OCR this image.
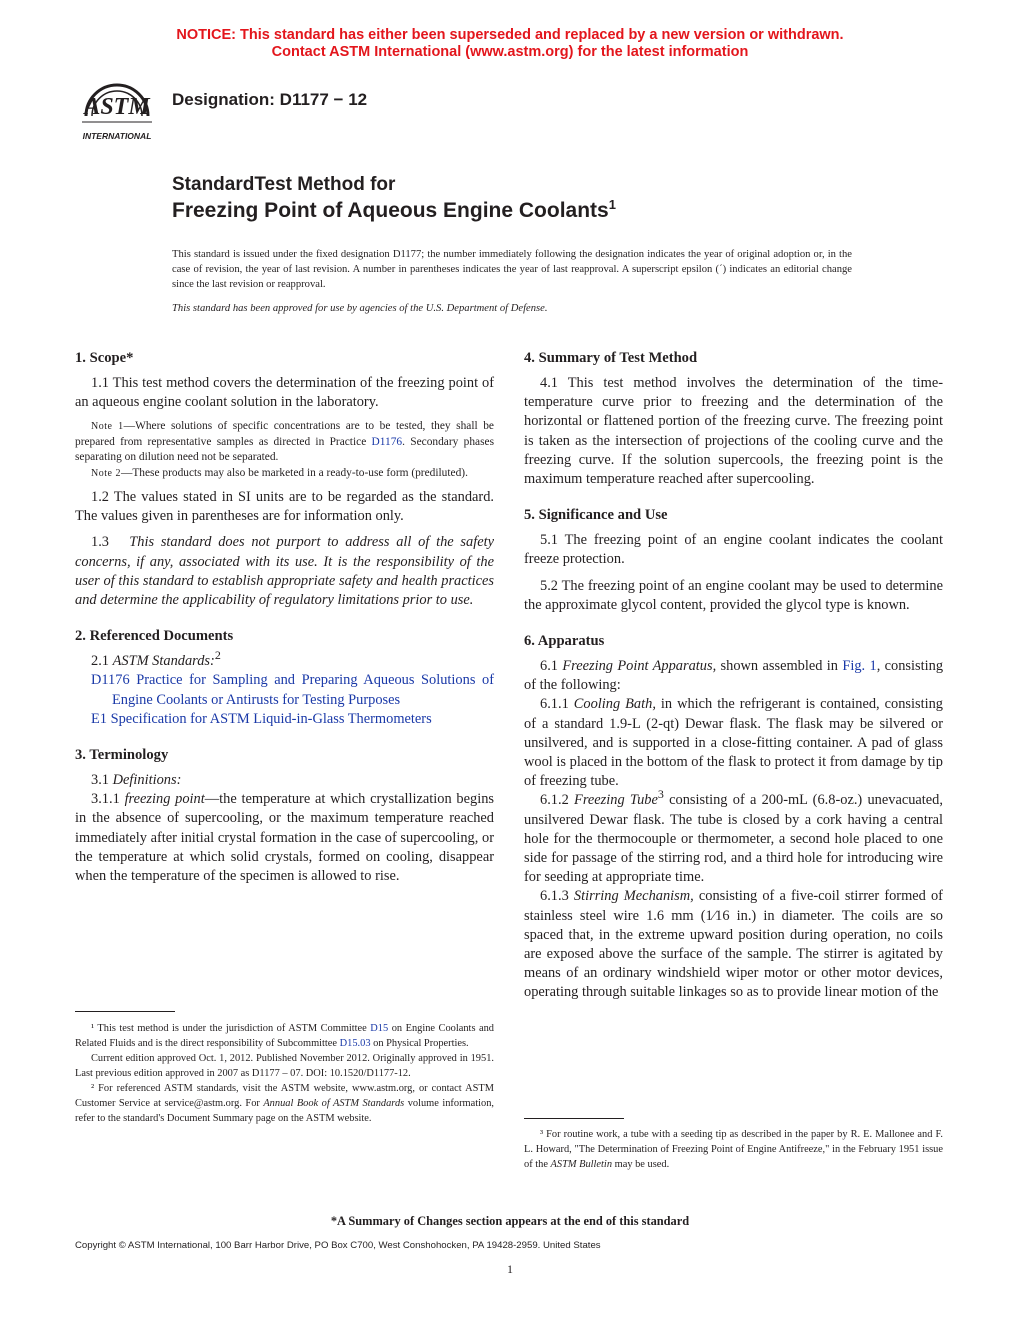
NOTICE: This standard has either been superseded and replaced by a new version or withdrawn.
Contact ASTM International (www.astm.org) for the latest information
ASTM
INTERNATIONAL
Designation: D1177 − 12
StandardTest Method for
Freezing Point of Aqueous Engine Coolants$^1$
This standard is issued under the fixed designation D1177; the number immediately following the designation indicates the year of original adoption or, in the case of revision, the year of last revision. A number in parentheses indicates the year of last reapproval. A superscript epsilon (´) indicates an editorial change since the last revision or reapproval.
This standard has been approved for use by agencies of the U.S. Department of Defense.
1. Scope*

1.1 This test method covers the determination of the freezing point of an aqueous engine coolant solution in the laboratory.

Note 1—Where solutions of specific concentrations are to be tested, they shall be prepared from representative samples as directed in Practice D1176. Secondary phases separating on dilution need not be separated.

Note 2—These products may also be marketed in a ready-to-use form (prediluted).

1.2 The values stated in SI units are to be regarded as the standard. The values given in parentheses are for information only.

1.3 This standard does not purport to address all of the safety concerns, if any, associated with its use. It is the responsibility of the user of this standard to establish appropriate safety and health practices and determine the applicability of regulatory limitations prior to use.

2. Referenced Documents

2.1 ASTM Standards:$^2$

D1176 Practice for Sampling and Preparing Aqueous Solutions of Engine Coolants or Antirusts for Testing Purposes

E1 Specification for ASTM Liquid-in-Glass Thermometers

3. Terminology

3.1 Definitions:

3.1.1 freezing point—the temperature at which crystallization begins in the absence of supercooling, or the maximum temperature reached immediately after initial crystal formation in the case of supercooling, or the temperature at which solid crystals, formed on cooling, disappear when the temperature of the specimen is allowed to rise.

4. Summary of Test Method

4.1 This test method involves the determination of the time-temperature curve prior to freezing and the determination of the horizontal or flattened portion of the freezing curve. The freezing point is taken as the intersection of projections of the cooling curve and the freezing curve. If the solution supercools, the freezing point is the maximum temperature reached after supercooling.

5. Significance and Use

5.1 The freezing point of an engine coolant indicates the coolant freeze protection.

5.2 The freezing point of an engine coolant may be used to determine the approximate glycol content, provided the glycol type is known.

6. Apparatus

6.1 Freezing Point Apparatus, shown assembled in Fig. 1, consisting of the following:

6.1.1 Cooling Bath, in which the refrigerant is contained, consisting of a standard 1.9-L (2-qt) Dewar flask. The flask may be silvered or unsilvered, and is supported in a close-fitting container. A pad of glass wool is placed in the bottom of the flask to protect it from damage by tip of freezing tube.

6.1.2 Freezing Tube$^3$ consisting of a 200-mL (6.8-oz.) unevacuated, unsilvered Dewar flask. The tube is closed by a cork having a central hole for the thermocouple or thermometer, a second hole placed to one side for passage of the stirring rod, and a third hole for introducing wire for seeding at appropriate time.

6.1.3 Stirring Mechanism, consisting of a five-coil stirrer formed of stainless steel wire 1.6 mm (1⁄16 in.) in diameter. The coils are so spaced that, in the extreme upward position during operation, no coils are exposed above the surface of the sample. The stirrer is agitated by means of an ordinary windshield wiper motor or other motor devices, operating through suitable linkages so as to provide linear motion of the

¹ This test method is under the jurisdiction of ASTM Committee D15 on Engine Coolants and Related Fluids and is the direct responsibility of Subcommittee D15.03 on Physical Properties.

Current edition approved Oct. 1, 2012. Published November 2012. Originally approved in 1951. Last previous edition approved in 2007 as D1177 – 07. DOI: 10.1520/D1177-12.

² For referenced ASTM standards, visit the ASTM website, www.astm.org, or contact ASTM Customer Service at service@astm.org. For Annual Book of ASTM Standards volume information, refer to the standard's Document Summary page on the ASTM website.

³ For routine work, a tube with a seeding tip as described in the paper by R. E. Mallonee and F. L. Howard, "The Determination of Freezing Point of Engine Antifreeze," in the February 1951 issue of the ASTM Bulletin may be used.

*A Summary of Changes section appears at the end of this standard
Copyright © ASTM International, 100 Barr Harbor Drive, PO Box C700, West Conshohocken, PA 19428-2959. United States
1
